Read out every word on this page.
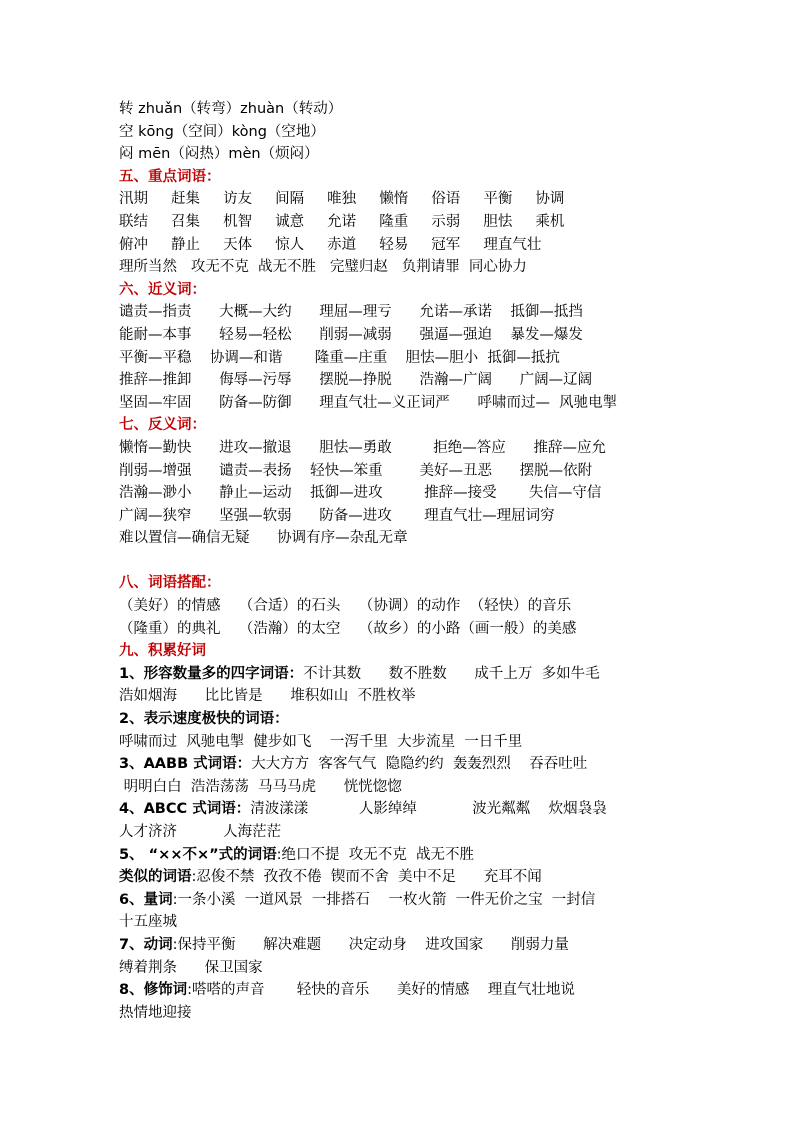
转 zhuǎn（转弯）zhuàn（转动）
空 kōng（空间）kòng（空地）
闷 mēn（闷热）mèn（烦闷）
五、重点词语：
汛期     赶集     访友     间隔     唯独     懒惰     俗语     平衡     协调
联结     召集     机智     诚意     允诺     隆重     示弱     胆怯     乘机
俯冲     静止     天体     惊人     赤道     轻易     冠军     理直气壮
理所当然   攻无不克  战无不胜   完璧归赵   负荆请罪  同心协力
六、近义词：
谴责—指责      大概—大约      理屈—理亏      允诺—承诺    抵御—抵挡
能耐—本事      轻易—轻松      削弱—减弱      强逼—强迫    暴发—爆发
平衡—平稳    协调—和谐       隆重—庄重    胆怯—胆小  抵御—抵抗
推辞—推卸      侮辱—污辱      摆脱—挣脱      浩瀚—广阔      广阔—辽阔
坚固—牢固      防备—防御      理直气壮—义正词严      呼啸而过—  风驰电掣
七、反义词：
懒惰—勤快      进攻—撤退      胆怯—勇敢         拒绝—答应      推辞—应允
削弱—增强      谴责—表扬    轻快—笨重        美好—丑恶      摆脱—依附
浩瀚—渺小      静止—运动    抵御—进攻         推辞—接受       失信—守信
广阔—狭窄      坚强—软弱      防备—进攻       理直气壮—理屈词穷
难以置信—确信无疑      协调有序—杂乱无章
八、词语搭配：
（美好）的情感    （合适）的石头    （协调）的动作  （轻快）的音乐
（隆重）的典礼    （浩瀚）的太空    （故乡）的小路（画一般）的美感
九、积累好词
1、形容数量多的四字词语：不计其数      数不胜数      成千上万  多如牛毛
浩如烟海      比比皆是      堆积如山  不胜枚举
2、表示速度极快的词语：
呼啸而过  风驰电掣  健步如飞    一泻千里  大步流星  一日千里
3、AABB 式词语：大大方方  客客气气  隐隐约约  轰轰烈烈    吞吞吐吐
明明白白  浩浩荡荡  马马马虎      恍恍惚惚
4、ABCC 式词语：清波漾漾           人影绰绰            波光粼粼    炊烟袅袅
人才济济          人海茫茫
5、 “××不×”式的词语:绝口不提  攻无不克  战无不胜
类似的词语:忍俊不禁  孜孜不倦  锲而不舍  美中不足      充耳不闻
6、量词:一条小溪  一道风景  一排搭石    一枚火箭  一件无价之宝  一封信
十五座城
7、动词:保持平衡      解决难题      决定动身    进攻国家      削弱力量
缚着荆条      保卫国家
8、修饰词:嗒嗒的声音       轻快的音乐      美好的情感    理直气壮地说
热情地迎接
